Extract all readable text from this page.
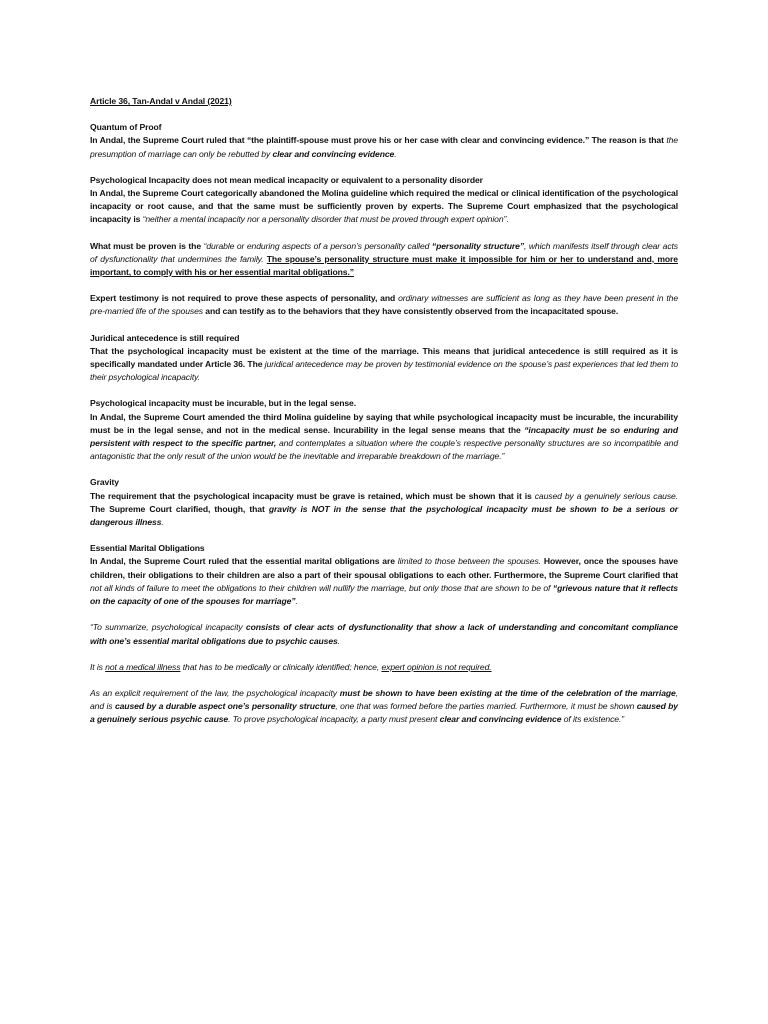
Article 36, Tan-Andal v Andal (2021)
Quantum of Proof

In Andal, the Supreme Court ruled that “the plaintiff-spouse must prove his or her case with clear and convincing evidence.” The reason is that the presumption of marriage can only be rebutted by clear and convincing evidence.

Psychological Incapacity does not mean medical incapacity or equivalent to a personality disorder

In Andal, the Supreme Court categorically abandoned the Molina guideline which required the medical or clinical identification of the psychological incapacity or root cause, and that the same must be sufficiently proven by experts. The Supreme Court emphasized that the psychological incapacity is “neither a mental incapacity nor a personality disorder that must be proved through expert opinion”.

What must be proven is the “durable or enduring aspects of a person’s personality called “personality structure”, which manifests itself through clear acts of dysfunctionality that undermines the family. The spouse’s personality structure must make it impossible for him or her to understand and, more important, to comply with his or her essential marital obligations.”

Expert testimony is not required to prove these aspects of personality, and ordinary witnesses are sufficient as long as they have been present in the pre-married life of the spouses and can testify as to the behaviors that they have consistently observed from the incapacitated spouse.

Juridical antecedence is still required

That the psychological incapacity must be existent at the time of the marriage. This means that juridical antecedence is still required as it is specifically mandated under Article 36. The juridical antecedence may be proven by testimonial evidence on the spouse’s past experiences that led them to their psychological incapacity.

Psychological incapacity must be incurable, but in the legal sense.

In Andal, the Supreme Court amended the third Molina guideline by saying that while psychological incapacity must be incurable, the incurability must be in the legal sense, and not in the medical sense. Incurability in the legal sense means that the “incapacity must be so enduring and persistent with respect to the specific partner, and contemplates a situation where the couple’s respective personality structures are so incompatible and antagonistic that the only result of the union would be the inevitable and irreparable breakdown of the marriage.”

Gravity

The requirement that the psychological incapacity must be grave is retained, which must be shown that it is caused by a genuinely serious cause. The Supreme Court clarified, though, that gravity is NOT in the sense that the psychological incapacity must be shown to be a serious or dangerous illness.

Essential Marital Obligations

In Andal, the Supreme Court ruled that the essential marital obligations are limited to those between the spouses. However, once the spouses have children, their obligations to their children are also a part of their spousal obligations to each other. Furthermore, the Supreme Court clarified that not all kinds of failure to meet the obligations to their children will nullify the marriage, but only those that are shown to be of “grievous nature that it reflects on the capacity of one of the spouses for marriage”.

“To summarize, psychological incapacity consists of clear acts of dysfunctionality that show a lack of understanding and concomitant compliance with one’s essential marital obligations due to psychic causes.

It is not a medical illness that has to be medically or clinically identified; hence, expert opinion is not required.

As an explicit requirement of the law, the psychological incapacity must be shown to have been existing at the time of the celebration of the marriage, and is caused by a durable aspect one’s personality structure, one that was formed before the parties married. Furthermore, it must be shown caused by a genuinely serious psychic cause. To prove psychological incapacity, a party must present clear and convincing evidence of its existence.”
